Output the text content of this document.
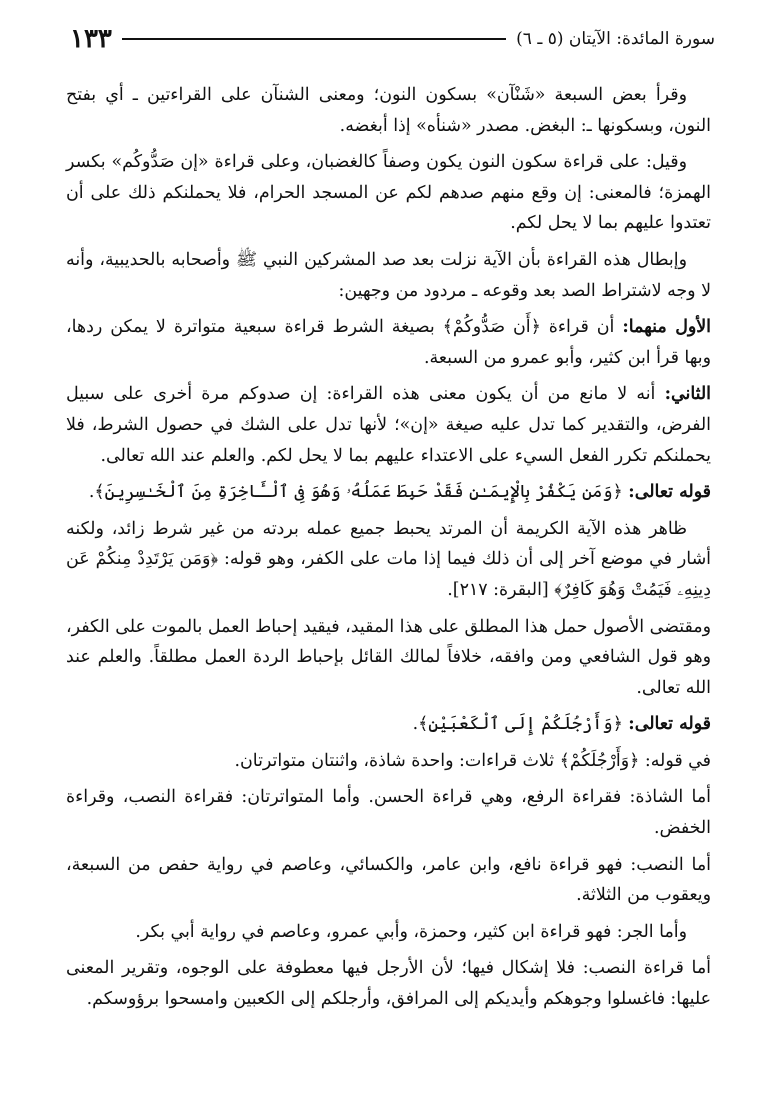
سورة المائدة: الآيتان (٥ ـ ٦)
١٣٣

وقرأ بعض السبعة «شَنْآن» بسكون النون؛ ومعنى الشنآن على القراءتين ـ أي بفتح النون، وبسكونها ـ: البغض. مصدر «شنأه» إذا أبغضه.

وقيل: على قراءة سكون النون يكون وصفاً كالغضبان، وعلى قراءة «إن صَدُّوكُم» بكسر الهمزة؛ فالمعنى: إن وقع منهم صدهم لكم عن المسجد الحرام، فلا يحملنكم ذلك على أن تعتدوا عليهم بما لا يحل لكم.

وإبطال هذه القراءة بأن الآية نزلت بعد صد المشركين النبي ﷺ وأصحابه بالحديبية، وأنه لا وجه لاشتراط الصد بعد وقوعه ـ مردود من وجهين:

الأول منهما: أن قراءة ﴿أَن صَدُّوكُمْ﴾ بصيغة الشرط قراءة سبعية متواترة لا يمكن ردها، وبها قرأ ابن كثير، وأبو عمرو من السبعة.

الثاني: أنه لا مانع من أن يكون معنى هذه القراءة: إن صدوكم مرة أخرى على سبيل الفرض، والتقدير كما تدل عليه صيغة «إن»؛ لأنها تدل على الشك في حصول الشرط، فلا يحملنكم تكرر الفعل السيء على الاعتداء عليهم بما لا يحل لكم. والعلم عند الله تعالى.

قوله تعالى: ﴿وَمَن يَكْفُرْ بِالْإِيمَـٰنِ فَقَدْ حَبِطَ عَمَلُهُۥ وَهُوَ فِى ٱلْـَٔاخِرَةِ مِنَ ٱلْخَـٰسِرِينَ﴾.

ظاهر هذه الآية الكريمة أن المرتد يحبط جميع عمله بردته من غير شرط زائد، ولكنه أشار في موضع آخر إلى أن ذلك فيما إذا مات على الكفر، وهو قوله: ﴿وَمَن يَرْتَدِدْ مِنكُمْ عَن دِينِهِۦ فَيَمُتْ وَهُوَ كَافِرٌ﴾ [البقرة: ٢١٧].

ومقتضى الأصول حمل هذا المطلق على هذا المقيد، فيقيد إحباط العمل بالموت على الكفر، وهو قول الشافعي ومن وافقه، خلافاً لمالك القائل بإحباط الردة العمل مطلقاً. والعلم عند الله تعالى.

قوله تعالى: ﴿وَأَرْجُلَكُمْ إِلَى ٱلْكَعْبَيْنِ﴾.

في قوله: ﴿وَأَرْجُلَكُمْ﴾ ثلاث قراءات: واحدة شاذة، واثنتان متواترتان.

أما الشاذة: فقراءة الرفع، وهي قراءة الحسن. وأما المتواترتان: فقراءة النصب، وقراءة الخفض.

أما النصب: فهو قراءة نافع، وابن عامر، والكسائي، وعاصم في رواية حفص من السبعة، ويعقوب من الثلاثة.

وأما الجر: فهو قراءة ابن كثير، وحمزة، وأبي عمرو، وعاصم في رواية أبي بكر.

أما قراءة النصب: فلا إشكال فيها؛ لأن الأرجل فيها معطوفة على الوجوه، وتقرير المعنى عليها: فاغسلوا وجوهكم وأيديكم إلى المرافق، وأرجلكم إلى الكعبين وامسحوا برؤوسكم.
